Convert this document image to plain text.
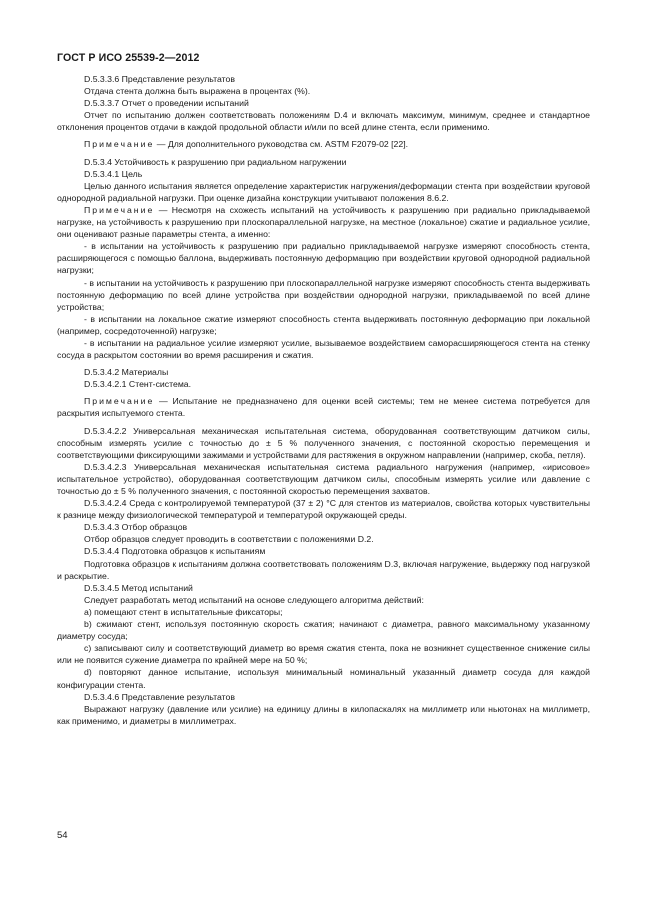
ГОСТ Р ИСО 25539-2—2012

D.5.3.3.6 Представление результатов

Отдача стента должна быть выражена в процентах (%).

D.5.3.3.7 Отчет о проведении испытаний

Отчет по испытанию должен соответствовать положениям D.4 и включать максимум, минимум, среднее и стандартное отклонения процентов отдачи в каждой продольной области и/или по всей длине стента, если применимо.

Примечание — Для дополнительного руководства см. ASTM F2079-02 [22].

D.5.3.4 Устойчивость к разрушению при радиальном нагружении

D.5.3.4.1 Цель

Целью данного испытания является определение характеристик нагружения/деформации стента при воздействии круговой однородной радиальной нагрузки. При оценке дизайна конструкции учитывают положения 8.6.2.

Примечание — Несмотря на схожесть испытаний на устойчивость к разрушению при радиально прикладываемой нагрузке, на устойчивость к разрушению при плоскопараллельной нагрузке, на местное (локальное) сжатие и радиальное усилие, они оценивают разные параметры стента, а именно:

- в испытании на устойчивость к разрушению при радиально прикладываемой нагрузке измеряют способность стента, расширяющегося с помощью баллона, выдерживать постоянную деформацию при воздействии круговой однородной радиальной нагрузки;

- в испытании на устойчивость к разрушению при плоскопараллельной нагрузке измеряют способность стента выдерживать постоянную деформацию по всей длине устройства при воздействии однородной нагрузки, прикладываемой по всей длине устройства;

- в испытании на локальное сжатие измеряют способность стента выдерживать постоянную деформацию при локальной (например, сосредоточенной) нагрузке;

- в испытании на радиальное усилие измеряют усилие, вызываемое воздействием саморасширяющегося стента на стенку сосуда в раскрытом состоянии во время расширения и сжатия.

D.5.3.4.2 Материалы

D.5.3.4.2.1 Стент-система.

Примечание — Испытание не предназначено для оценки всей системы; тем не менее система потребуется для раскрытия испытуемого стента.

D.5.3.4.2.2 Универсальная механическая испытательная система, оборудованная соответствующим датчиком силы, способным измерять усилие с точностью до ± 5 % полученного значения, с постоянной скоростью перемещения и соответствующими фиксирующими зажимами и устройствами для растяжения в окружном направлении (например, скоба, петля).

D.5.3.4.2.3 Универсальная механическая испытательная система радиального нагружения (например, «ирисовое» испытательное устройство), оборудованная соответствующим датчиком силы, способным измерять усилие или давление с точностью до ± 5 % полученного значения, с постоянной скоростью перемещения захватов.

D.5.3.4.2.4 Среда с контролируемой температурой (37 ± 2) °C для стентов из материалов, свойства которых чувствительны к разнице между физиологической температурой и температурой окружающей среды.

D.5.3.4.3 Отбор образцов

Отбор образцов следует проводить в соответствии с положениями D.2.

D.5.3.4.4 Подготовка образцов к испытаниям

Подготовка образцов к испытаниям должна соответствовать положениям D.3, включая нагружение, выдержку под нагрузкой и раскрытие.

D.5.3.4.5 Метод испытаний

Следует разработать метод испытаний на основе следующего алгоритма действий:

a) помещают стент в испытательные фиксаторы;

b) сжимают стент, используя постоянную скорость сжатия; начинают с диаметра, равного максимальному указанному диаметру сосуда;

c) записывают силу и соответствующий диаметр во время сжатия стента, пока не возникнет существенное снижение силы или не появится сужение диаметра по крайней мере на 50 %;

d) повторяют данное испытание, используя минимальный номинальный указанный диаметр сосуда для каждой конфигурации стента.

D.5.3.4.6 Представление результатов

Выражают нагрузку (давление или усилие) на единицу длины в килопаскалях на миллиметр или ньютонах на миллиметр, как применимо, и диаметры в миллиметрах.

54
